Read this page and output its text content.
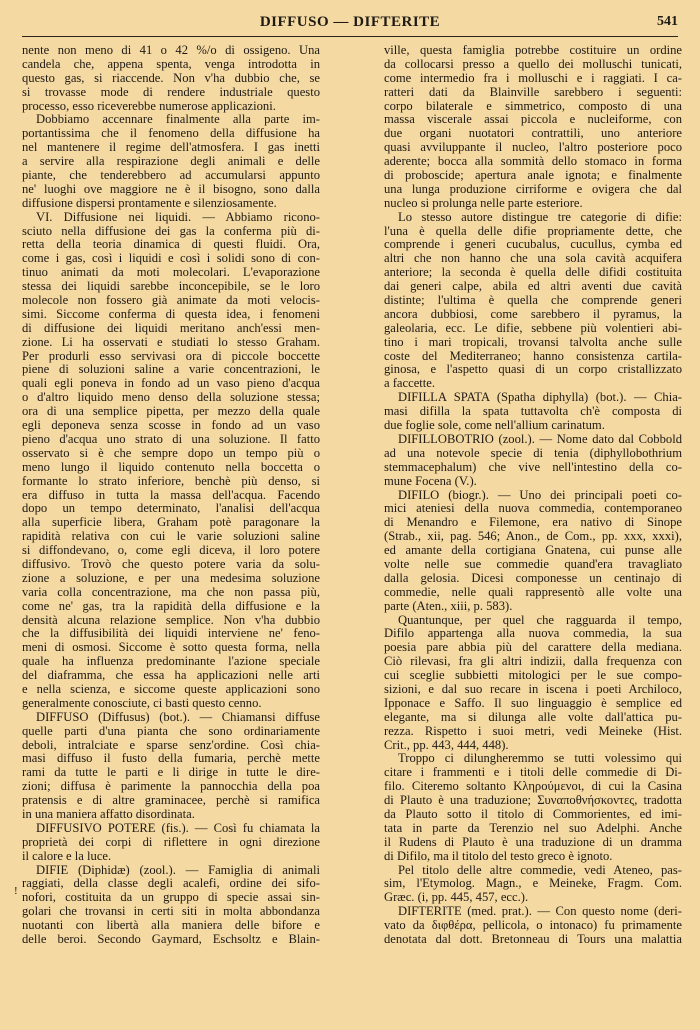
DIFFUSO — DIFTERITE	541
!
nente non meno di 41 o 42 %/o di ossigeno. Una
candela che, appena spenta, venga introdotta in
questo gas, si riaccende. Non v'ha dubbio che, se
si trovasse mode di rendere industriale questo
processo, esso riceverebbe numerose applicazioni.
Dobbiamo accennare finalmente alla parte im-
portantissima che il fenomeno della diffusione ha
nel mantenere il regime dell'atmosfera. I gas inetti
a servire alla respirazione degli animali e delle
piante, che tenderebbero ad accumularsi appunto
ne' luoghi ove maggiore ne è il bisogno, sono dalla
diffusione dispersi prontamente e silenziosamente.
VI. Diffusione nei liquidi. — Abbiamo ricono-
sciuto nella diffusione dei gas la conferma più di-
retta della teoria dinamica di questi fluidi. Ora,
come i gas, così i liquidi e così i solidi sono di con-
tinuo animati da moti molecolari. L'evaporazione
stessa dei liquidi sarebbe inconcepibile, se le loro
molecole non fossero già animate da moti velocis-
simi. Siccome conferma di questa idea, i fenomeni
di diffusione dei liquidi meritano anch'essi men-
zione. Li ha osservati e studiati lo stesso Graham.
Per produrli esso servivasi ora di piccole boccette
piene di soluzioni saline a varie concentrazioni, le
quali egli poneva in fondo ad un vaso pieno d'acqua
o d'altro liquido meno denso della soluzione stessa;
ora di una semplice pipetta, per mezzo della quale
egli deponeva senza scosse in fondo ad un vaso
pieno d'acqua uno strato di una soluzione. Il fatto
osservato si è che sempre dopo un tempo più o
meno lungo il liquido contenuto nella boccetta o
formante lo strato inferiore, benchè più denso, si
era diffuso in tutta la massa dell'acqua. Facendo
dopo un tempo determinato, l'analisi dell'acqua
alla superficie libera, Graham potè paragonare la
rapidità relativa con cui le varie soluzioni saline
si diffondevano, o, come egli diceva, il loro potere
diffusivo. Trovò che questo potere varia da solu-
zione a soluzione, e per una medesima soluzione
varia colla concentrazione, ma che non passa più,
come ne' gas, tra la rapidità della diffusione e la
densità alcuna relazione semplice. Non v'ha dubbio
che la diffusibilità dei liquidi interviene ne' feno-
meni di osmosi. Siccome è sotto questa forma, nella
quale ha influenza predominante l'azione speciale
del diaframma, che essa ha applicazioni nelle arti
e nella scienza, e siccome queste applicazioni sono
generalmente conosciute, ci basti questo cenno.
DIFFUSO (Diffusus) (bot.). — Chiamansi diffuse
quelle parti d'una pianta che sono ordinariamente
deboli, intralciate e sparse senz'ordine. Così chia-
masi diffuso il fusto della fumaria, perchè mette
rami da tutte le parti e li dirige in tutte le dire-
zioni; diffusa è parimente la pannocchia della poa
pratensis e di altre graminacee, perchè si ramifica
in una maniera affatto disordinata.
DIFFUSIVO POTERE (fis.). — Così fu chiamata la
proprietà dei corpi di riflettere in ogni direzione
il calore e la luce.
DIFIE (Diphidæ) (zool.). — Famiglia di animali
raggiati, della classe degli acalefi, ordine dei sifo-
nofori, costituita da un gruppo di specie assai sin-
golari che trovansi in certi siti in molta abbondanza
nuotanti con libertà alla maniera delle bifore e
delle beroi. Secondo Gaymard, Eschsoltz e Blain-
ville, questa famiglia potrebbe costituire un ordine
da collocarsi presso a quello dei molluschi tunicati,
come intermedio fra i molluschi e i raggiati. I ca-
ratteri dati da Blainville sarebbero i seguenti:
corpo bilaterale e simmetrico, composto di una
massa viscerale assai piccola e nucleiforme, con
due organi nuotatori contrattili, uno anteriore
quasi avviluppante il nucleo, l'altro posteriore poco
aderente; bocca alla sommità dello stomaco in forma
di proboscide; apertura anale ignota; e finalmente
una lunga produzione cirriforme e ovigera che dal
nucleo si prolunga nelle parte esteriore.
Lo stesso autore distingue tre categorie di difie:
l'una è quella delle difie propriamente dette, che
comprende i generi cucubalus, cucullus, cymba ed
altri che non hanno che una sola cavità acquifera
anteriore; la seconda è quella delle difidi costituita
dai generi calpe, abila ed altri aventi due cavità
distinte; l'ultima è quella che comprende generi
ancora dubbiosi, come sarebbero il pyramus, la
galeolaria, ecc. Le difie, sebbene più volentieri abi-
tino i mari tropicali, trovansi talvolta anche sulle
coste del Mediterraneo; hanno consistenza cartila-
ginosa, e l'aspetto quasi di un corpo cristallizzato
a faccette.
DIFILLA SPATA (Spatha diphylla) (bot.). — Chia-
masi difilla la spata tuttavolta ch'è composta di
due foglie sole, come nell'allium carinatum.
DIFILLOBOTRIO (zool.). — Nome dato dal Cobbold
ad una notevole specie di tenia (diphyllobothrium
stemmacephalum) che vive nell'intestino della co-
mune Focena (V.).
DIFILO (biogr.). — Uno dei principali poeti co-
mici ateniesi della nuova commedia, contemporaneo
di Menandro e Filemone, era nativo di Sinope
(Strab., xii, pag. 546; Anon., de Com., pp. xxx, xxxi),
ed amante della cortigiana Gnatena, cui punse alle
volte nelle sue commedie quand'era travagliato
dalla gelosia. Dicesi componesse un centinajo di
commedie, nelle quali rappresentò alle volte una
parte (Aten., xiii, p. 583).
Quantunque, per quel che ragguarda il tempo,
Difilo appartenga alla nuova commedia, la sua
poesia pare abbia più del carattere della mediana.
Ciò rilevasi, fra gli altri indizii, dalla frequenza con
cui sceglie subbietti mitologici per le sue compo-
sizioni, e dal suo recare in iscena i poeti Archiloco,
Ipponace e Saffo. Il suo linguaggio è semplice ed
elegante, ma si dilunga alle volte dall'attica pu-
rezza. Rispetto i suoi metri, vedi Meineke (Hist.
Crit., pp. 443, 444, 448).
Troppo ci dilungheremmo se tutti volessimo qui
citare i frammenti e i titoli delle commedie di Di-
filo. Citeremo soltanto Κληρούμενοι, di cui la Casina
di Plauto è una traduzione; Συναποθνήσκοντες, tradotta
da Plauto sotto il titolo di Commorientes, ed imi-
tata in parte da Terenzio nel suo Adelphi. Anche
il Rudens di Plauto è una traduzione di un dramma
di Difilo, ma il titolo del testo greco è ignoto.
Pel titolo delle altre commedie, vedi Ateneo, pas-
sim, l'Etymolog. Magn., e Meineke, Fragm. Com.
Græc. (i, pp. 445, 457, ecc.).
DIFTERITE (med. prat.). — Con questo nome (deri-
vato da διφθέρα, pellicola, o intonaco) fu primamente
denotata dal dott. Bretonneau di Tours una malattia
